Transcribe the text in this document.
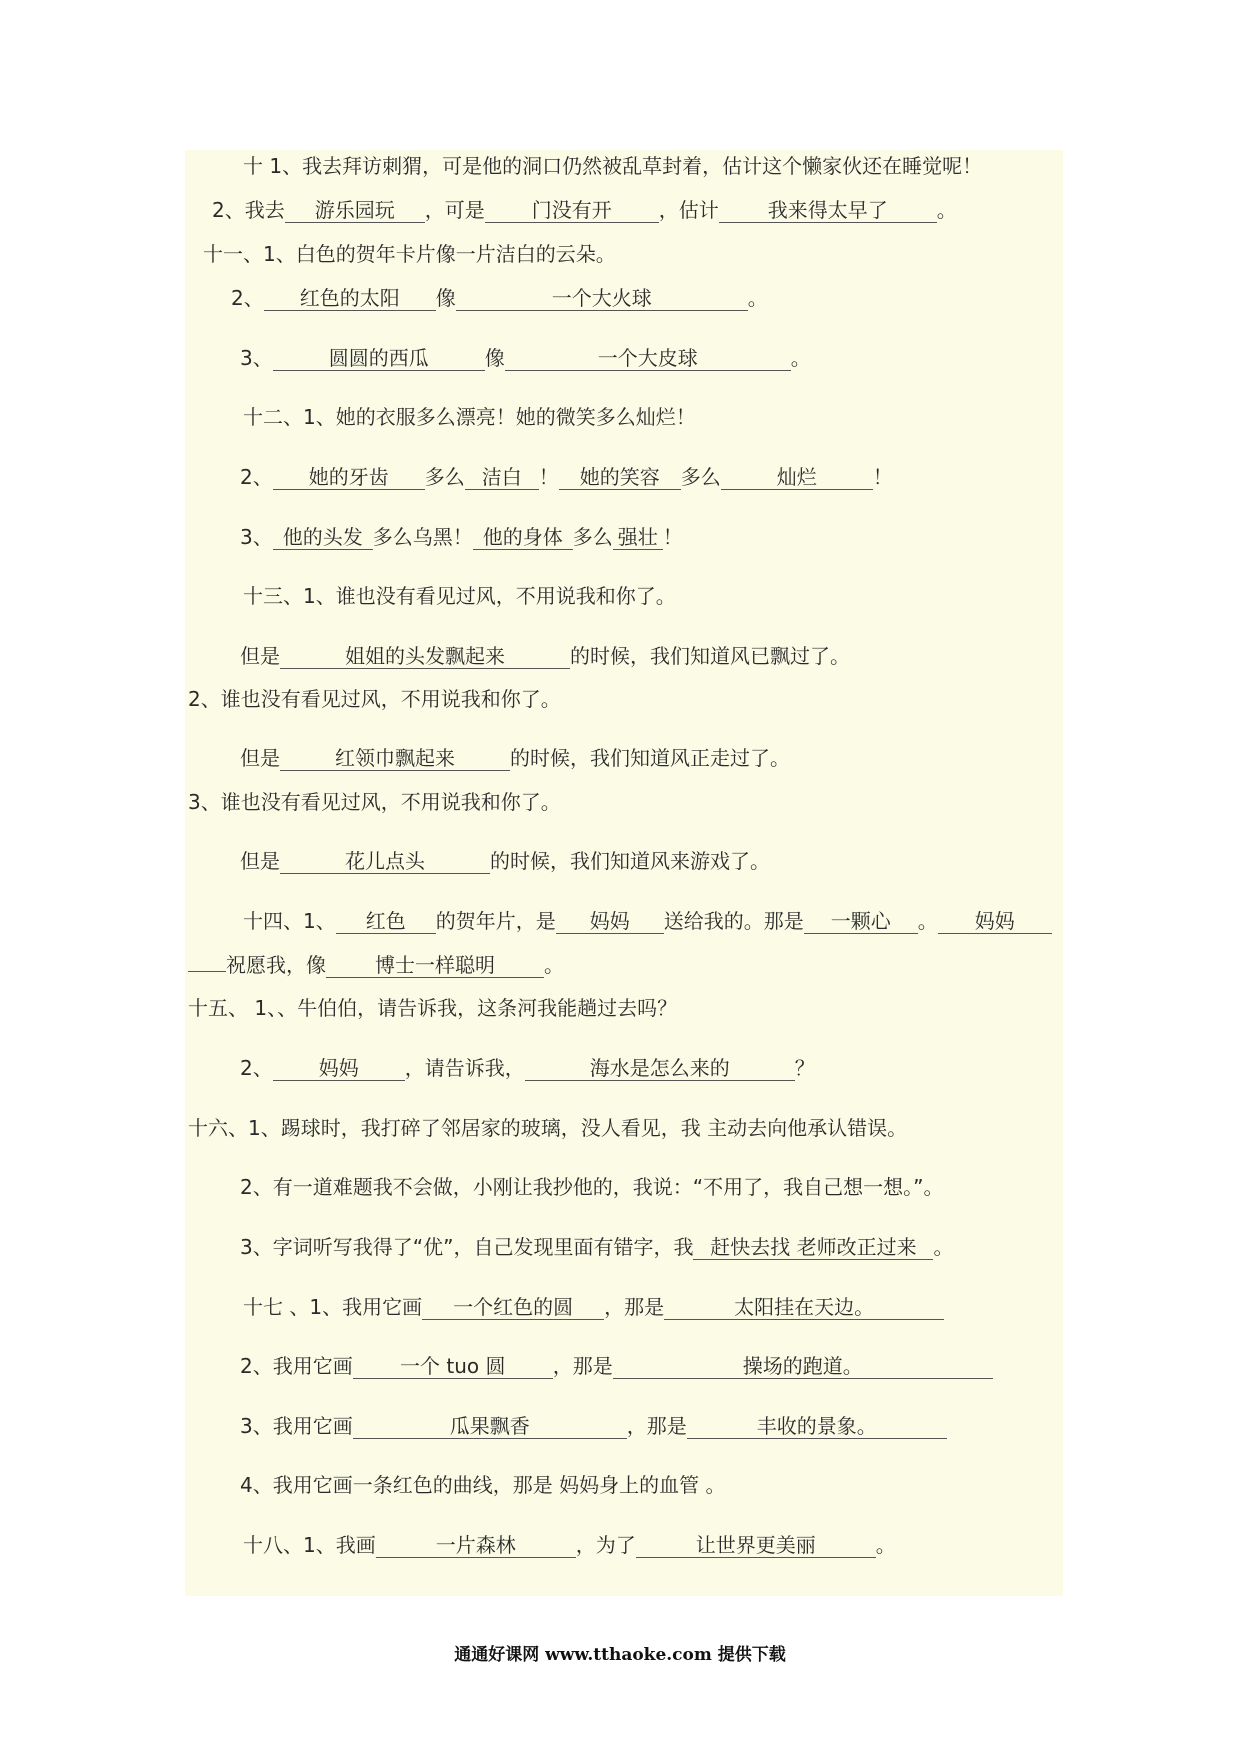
十 1、我去拜访刺猬，可是他的洞口仍然被乱草封着，估计这个懒家伙还在睡觉呢！
2、我去 游乐园玩 ，可是 门没有开 ，估计 我来得太早了 。
十一、1、白色的贺年卡片像一片洁白的云朵。
2、 红色的太阳 像	一个大火球	。
3、	圆圆的西瓜	像	一个大皮球	。
十二、1、她的衣服多么漂亮！她的微笑多么灿烂！
2、 她的牙齿 多么 洁白 ！ 她的笑容 多么	灿烂	！
3、 他的头发 多么乌黑！ 他的身体 多么 强壮 ！
十三、1、谁也没有看见过风，不用说我和你了。
但是	姐姐的头发飘起来	的时候，我们知道风已飘过了。
2、谁也没有看见过风，不用说我和你了。
但是	红领巾飘起来	的时候，我们知道风正走过了。
3、谁也没有看见过风，不用说我和你了。
但是	花儿点头	的时候，我们知道风来游戏了。
十四、1、 红色 的贺年片，是 妈妈 送给我的。那是 一颗心 。 妈妈
祝愿我，像 博士一样聪明 。
十五、 1、、牛伯伯，请告诉我，这条河我能趟过去吗？
2、 妈妈 ，请告诉我，	海水是怎么来的	？
十六、1、踢球时，我打碎了邻居家的玻璃，没人看见，我 主动去向他承认错误。
2、有一道难题我不会做，小刚让我抄他的，我说：“不用了，我自己想一想。”。
3、字词听写我得了“优”，自己发现里面有错字，我 赶快去找 老师改正过来 。
十七 、1、我用它画 一个红色的圆 ，那是	太阳挂在天边。
2、我用它画 一个 tuo 圆 ，那是	操场的跑道。
3、我用它画	瓜果飘香	，那是	丰收的景象。
4、我用它画一条红色的曲线，那是 妈妈身上的血管 。
十八、1、我画	一片森林	，为了	让世界更美丽	。
通通好课网 www.tthaoke.com 提供下载
